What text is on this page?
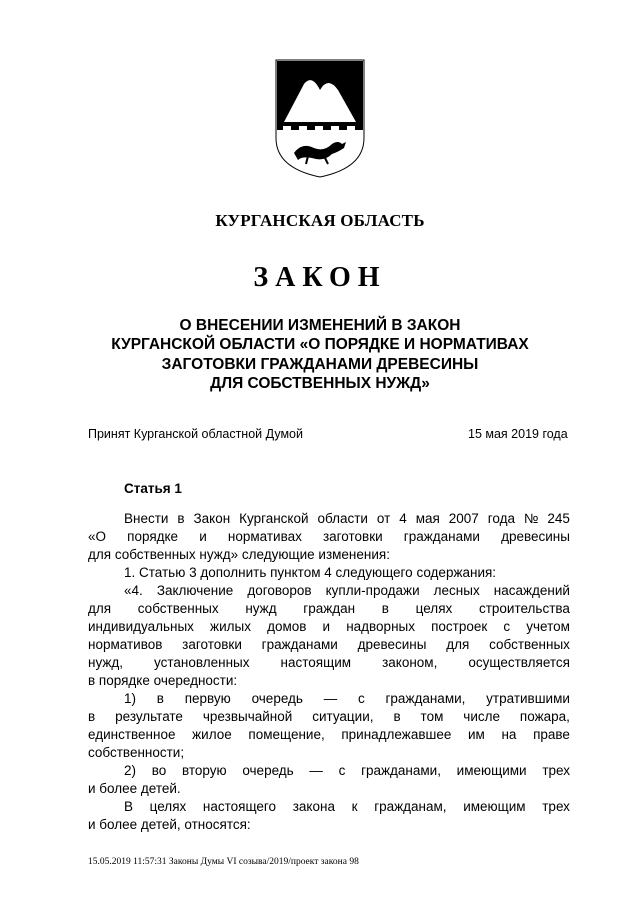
КУРГАНСКАЯ ОБЛАСТЬ
ЗАКОН
О ВНЕСЕНИИ ИЗМЕНЕНИЙ В ЗАКОН
КУРГАНСКОЙ ОБЛАСТИ «О ПОРЯДКЕ И НОРМАТИВАХ
ЗАГОТОВКИ ГРАЖДАНАМИ ДРЕВЕСИНЫ
ДЛЯ СОБСТВЕННЫХ НУЖД»
Принят Курганской областной Думой	15 мая 2019 года
Статья 1
Внести в Закон Курганской области от 4 мая 2007 года № 245
«О порядке и нормативах заготовки гражданами древесины
для собственных нужд» следующие изменения:
1. Статью 3 дополнить пунктом 4 следующего содержания:
«4. Заключение договоров купли-продажи лесных насаждений
для собственных нужд граждан в целях строительства
индивидуальных жилых домов и надворных построек с учетом
нормативов заготовки гражданами древесины для собственных
нужд, установленных настоящим законом, осуществляется
в порядке очередности:
1) в первую очередь — с гражданами, утратившими
в результате чрезвычайной ситуации, в том числе пожара,
единственное жилое помещение, принадлежавшее им на праве
собственности;
2) во вторую очередь — с гражданами, имеющими трех
и более детей.
В целях настоящего закона к гражданам, имеющим трех
и более детей, относятся:
15.05.2019 11:57:31 Законы Думы VI созыва/2019/проект закона 98
